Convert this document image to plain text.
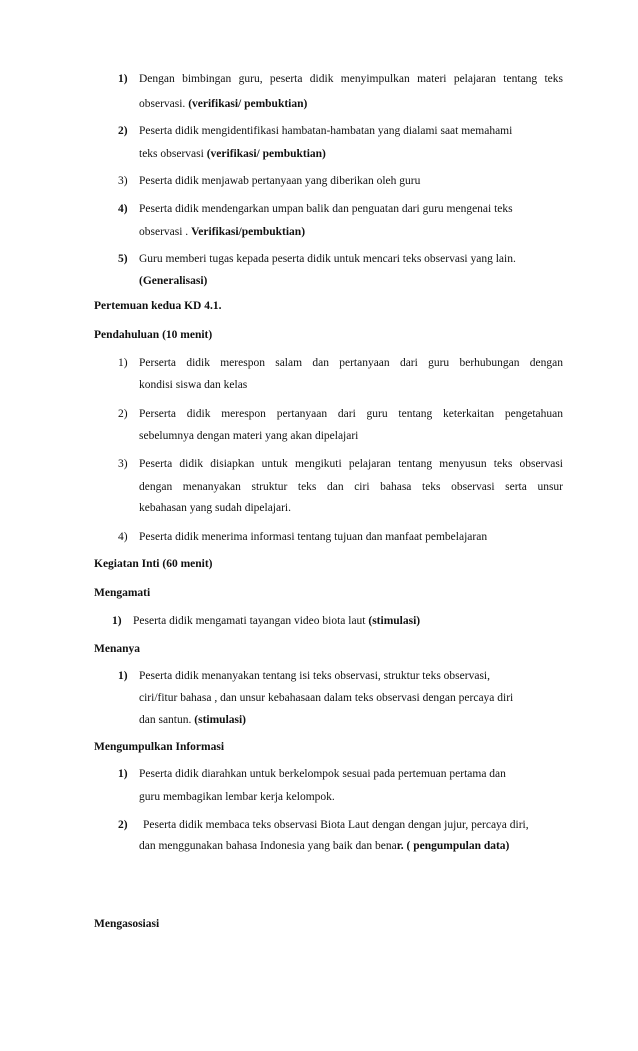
1) Dengan bimbingan guru, peserta didik menyimpulkan materi pelajaran tentang teks
observasi. (verifikasi/ pembuktian)
2) Peserta didik mengidentifikasi hambatan-hambatan yang dialami saat memahami
teks observasi (verifikasi/ pembuktian)
3) Peserta didik menjawab pertanyaan yang diberikan oleh guru
4) Peserta didik mendengarkan umpan balik dan penguatan dari guru mengenai teks
observasi . Verifikasi/pembuktian)
5) Guru memberi tugas kepada peserta didik untuk mencari teks observasi yang lain.
(Generalisasi)
Pertemuan kedua KD 4.1.
Pendahuluan (10 menit)
1) Perserta didik merespon salam dan pertanyaan dari guru berhubungan dengan
kondisi siswa dan kelas
2) Perserta didik merespon pertanyaan dari guru tentang keterkaitan pengetahuan
sebelumnya dengan materi yang akan dipelajari
3) Peserta didik disiapkan untuk mengikuti pelajaran tentang menyusun teks observasi
dengan menanyakan struktur teks dan ciri bahasa teks observasi serta unsur
kebahasan yang sudah dipelajari.
4) Peserta didik menerima informasi tentang tujuan dan manfaat pembelajaran
Kegiatan Inti (60 menit)
Mengamati
1) Peserta didik mengamati tayangan video biota laut (stimulasi)
Menanya
1) Peserta didik menanyakan tentang isi teks observasi, struktur teks observasi,
ciri/fitur bahasa , dan unsur kebahasaan dalam teks observasi dengan percaya diri
dan santun. (stimulasi)
Mengumpulkan Informasi
1) Peserta didik diarahkan untuk berkelompok sesuai pada pertemuan pertama dan
guru membagikan lembar kerja kelompok.
2) Peserta didik membaca teks observasi Biota Laut dengan dengan jujur, percaya diri,
dan menggunakan bahasa Indonesia yang baik dan benar. ( pengumpulan data)
Mengasosiasi
